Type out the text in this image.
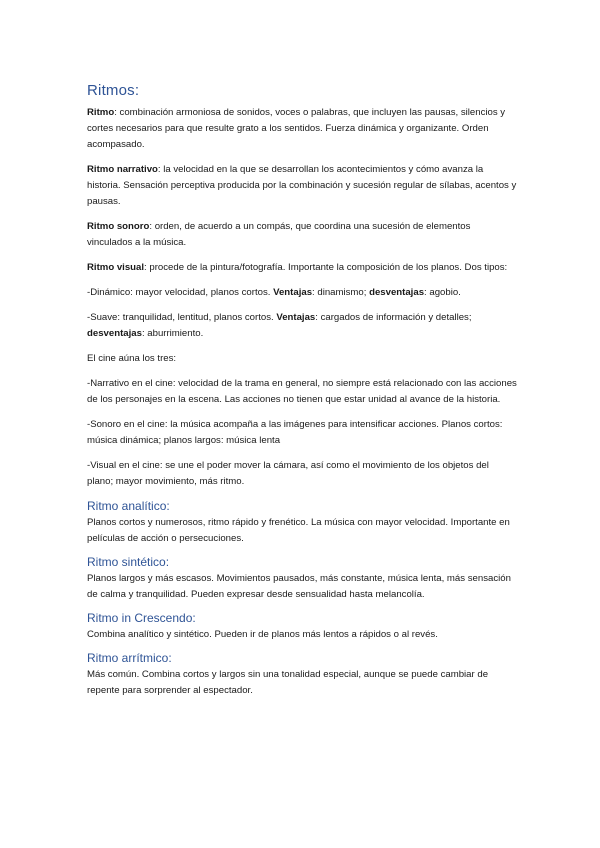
Ritmos:

Ritmo: combinación armoniosa de sonidos, voces o palabras, que incluyen las pausas, silencios y cortes necesarios para que resulte grato a los sentidos. Fuerza dinámica y organizante. Orden acompasado.

Ritmo narrativo: la velocidad en la que se desarrollan los acontecimientos y cómo avanza la historia. Sensación perceptiva producida por la combinación y sucesión regular de sílabas, acentos y pausas.

Ritmo sonoro: orden, de acuerdo a un compás, que coordina una sucesión de elementos vinculados a la música.

Ritmo visual: procede de la pintura/fotografía. Importante la composición de los planos. Dos tipos:

-Dinámico: mayor velocidad, planos cortos. Ventajas: dinamismo; desventajas: agobio.

-Suave: tranquilidad, lentitud, planos cortos. Ventajas: cargados de información y detalles; desventajas: aburrimiento.

El cine aúna los tres:

-Narrativo en el cine: velocidad de la trama en general, no siempre está relacionado con las acciones de los personajes en la escena. Las acciones no tienen que estar unidad al avance de la historia.

-Sonoro en el cine: la música acompaña a las imágenes para intensificar acciones. Planos cortos: música dinámica; planos largos: música lenta

-Visual en el cine: se une el poder mover la cámara, así como el movimiento de los objetos del plano; mayor movimiento, más ritmo.

Ritmo analítico:

Planos cortos y numerosos, ritmo rápido y frenético. La música con mayor velocidad. Importante en películas de acción o persecuciones.

Ritmo sintético:

Planos largos y más escasos. Movimientos pausados, más constante, música lenta, más sensación de calma y tranquilidad. Pueden expresar desde sensualidad hasta melancolía.

Ritmo in Crescendo:

Combina analítico y sintético. Pueden ir de planos más lentos a rápidos o al revés.

Ritmo arrítmico:

Más común. Combina cortos y largos sin una tonalidad especial, aunque se puede cambiar de repente para sorprender al espectador.
